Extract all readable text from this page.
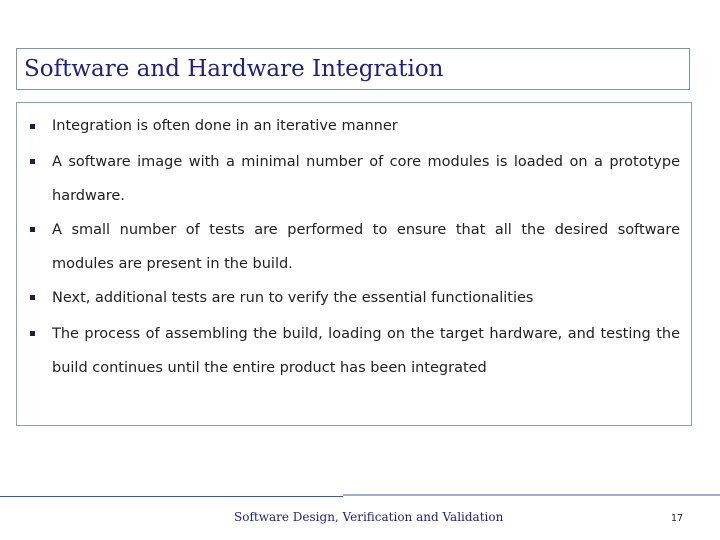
Software and Hardware Integration
Integration is often done in an iterative manner
A software image with a minimal number of core modules is loaded on a prototype hardware.
A small number of tests are performed to ensure that all the desired software modules are present in the build.
Next, additional tests are run to verify the essential functionalities
The process of assembling the build, loading on the target hardware, and testing the build continues until the entire product has been integrated
Software Design, Verification and Validation	17
